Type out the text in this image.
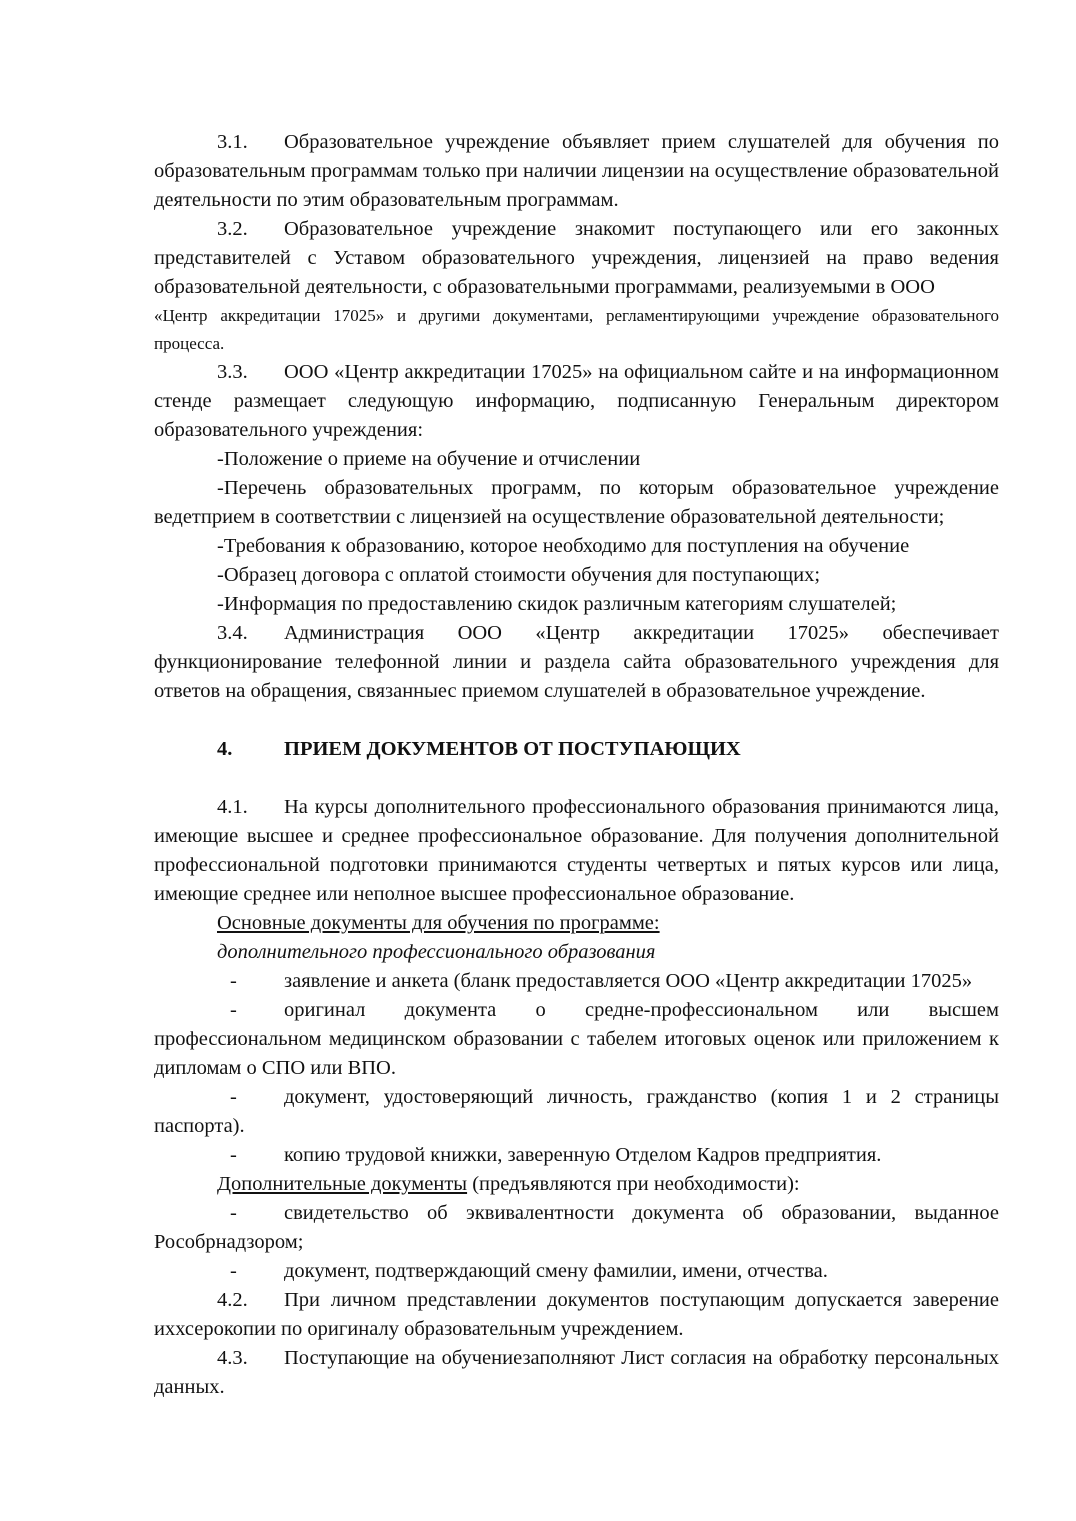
3.1. Образовательное учреждение объявляет прием слушателей для обучения по образовательным программам только при наличии лицензии на осуществление образовательной деятельности по этим образовательным программам.

3.2. Образовательное учреждение знакомит поступающего или его законных представителей с Уставом образовательного учреждения, лицензией на право ведения образовательной деятельности, с образовательными программами, реализуемыми в ООО

«Центр аккредитации 17025» и другими документами, регламентирующими учреждение образовательного процесса.

3.3. ООО «Центр аккредитации 17025» на официальном сайте и на информационном стенде размещает следующую информацию, подписанную Генеральным директором образовательного учреждения:

-Положение о приеме на обучение и отчислении

-Перечень образовательных программ, по которым образовательное учреждение ведетприем в соответствии с лицензией на осуществление образовательной деятельности;

-Требования к образованию, которое необходимо для поступления на обучение

-Образец договора с оплатой стоимости обучения для поступающих;

-Информация по предоставлению скидок различным категориям слушателей;

3.4. Администрация ООО «Центр аккредитации 17025» обеспечивает функционирование телефонной линии и раздела сайта образовательного учреждения для ответов на обращения, связанныес приемом слушателей в образовательное учреждение.

4.	ПРИЕМ ДОКУМЕНТОВ ОТ ПОСТУПАЮЩИХ

4.1. На курсы дополнительного профессионального образования принимаются лица, имеющие высшее и среднее профессиональное образование. Для получения дополнительной профессиональной подготовки принимаются студенты четвертых и пятых курсов или лица, имеющие среднее или неполное высшее профессиональное образование.

Основные документы для обучения по программе:

дополнительного профессионального образования

- заявление и анкета (бланк предоставляется ООО «Центр аккредитации 17025»

- оригинал документа о средне-профессиональном или высшем профессиональном медицинском образовании с табелем итоговых оценок или приложением к дипломам о СПО или ВПО.

- документ, удостоверяющий личность, гражданство (копия 1 и 2 страницы паспорта).

- копию трудовой книжки, заверенную Отделом Кадров предприятия.

Дополнительные документы (предъявляются при необходимости):

- свидетельство об эквивалентности документа об образовании, выданное Рособрнадзором;

- документ, подтверждающий смену фамилии, имени, отчества.

4.2. При личном представлении документов поступающим допускается заверение иххсерокопии по оригиналу образовательным учреждением.

4.3. Поступающие на обучениезаполняют Лист согласия на обработку персональных данных.
